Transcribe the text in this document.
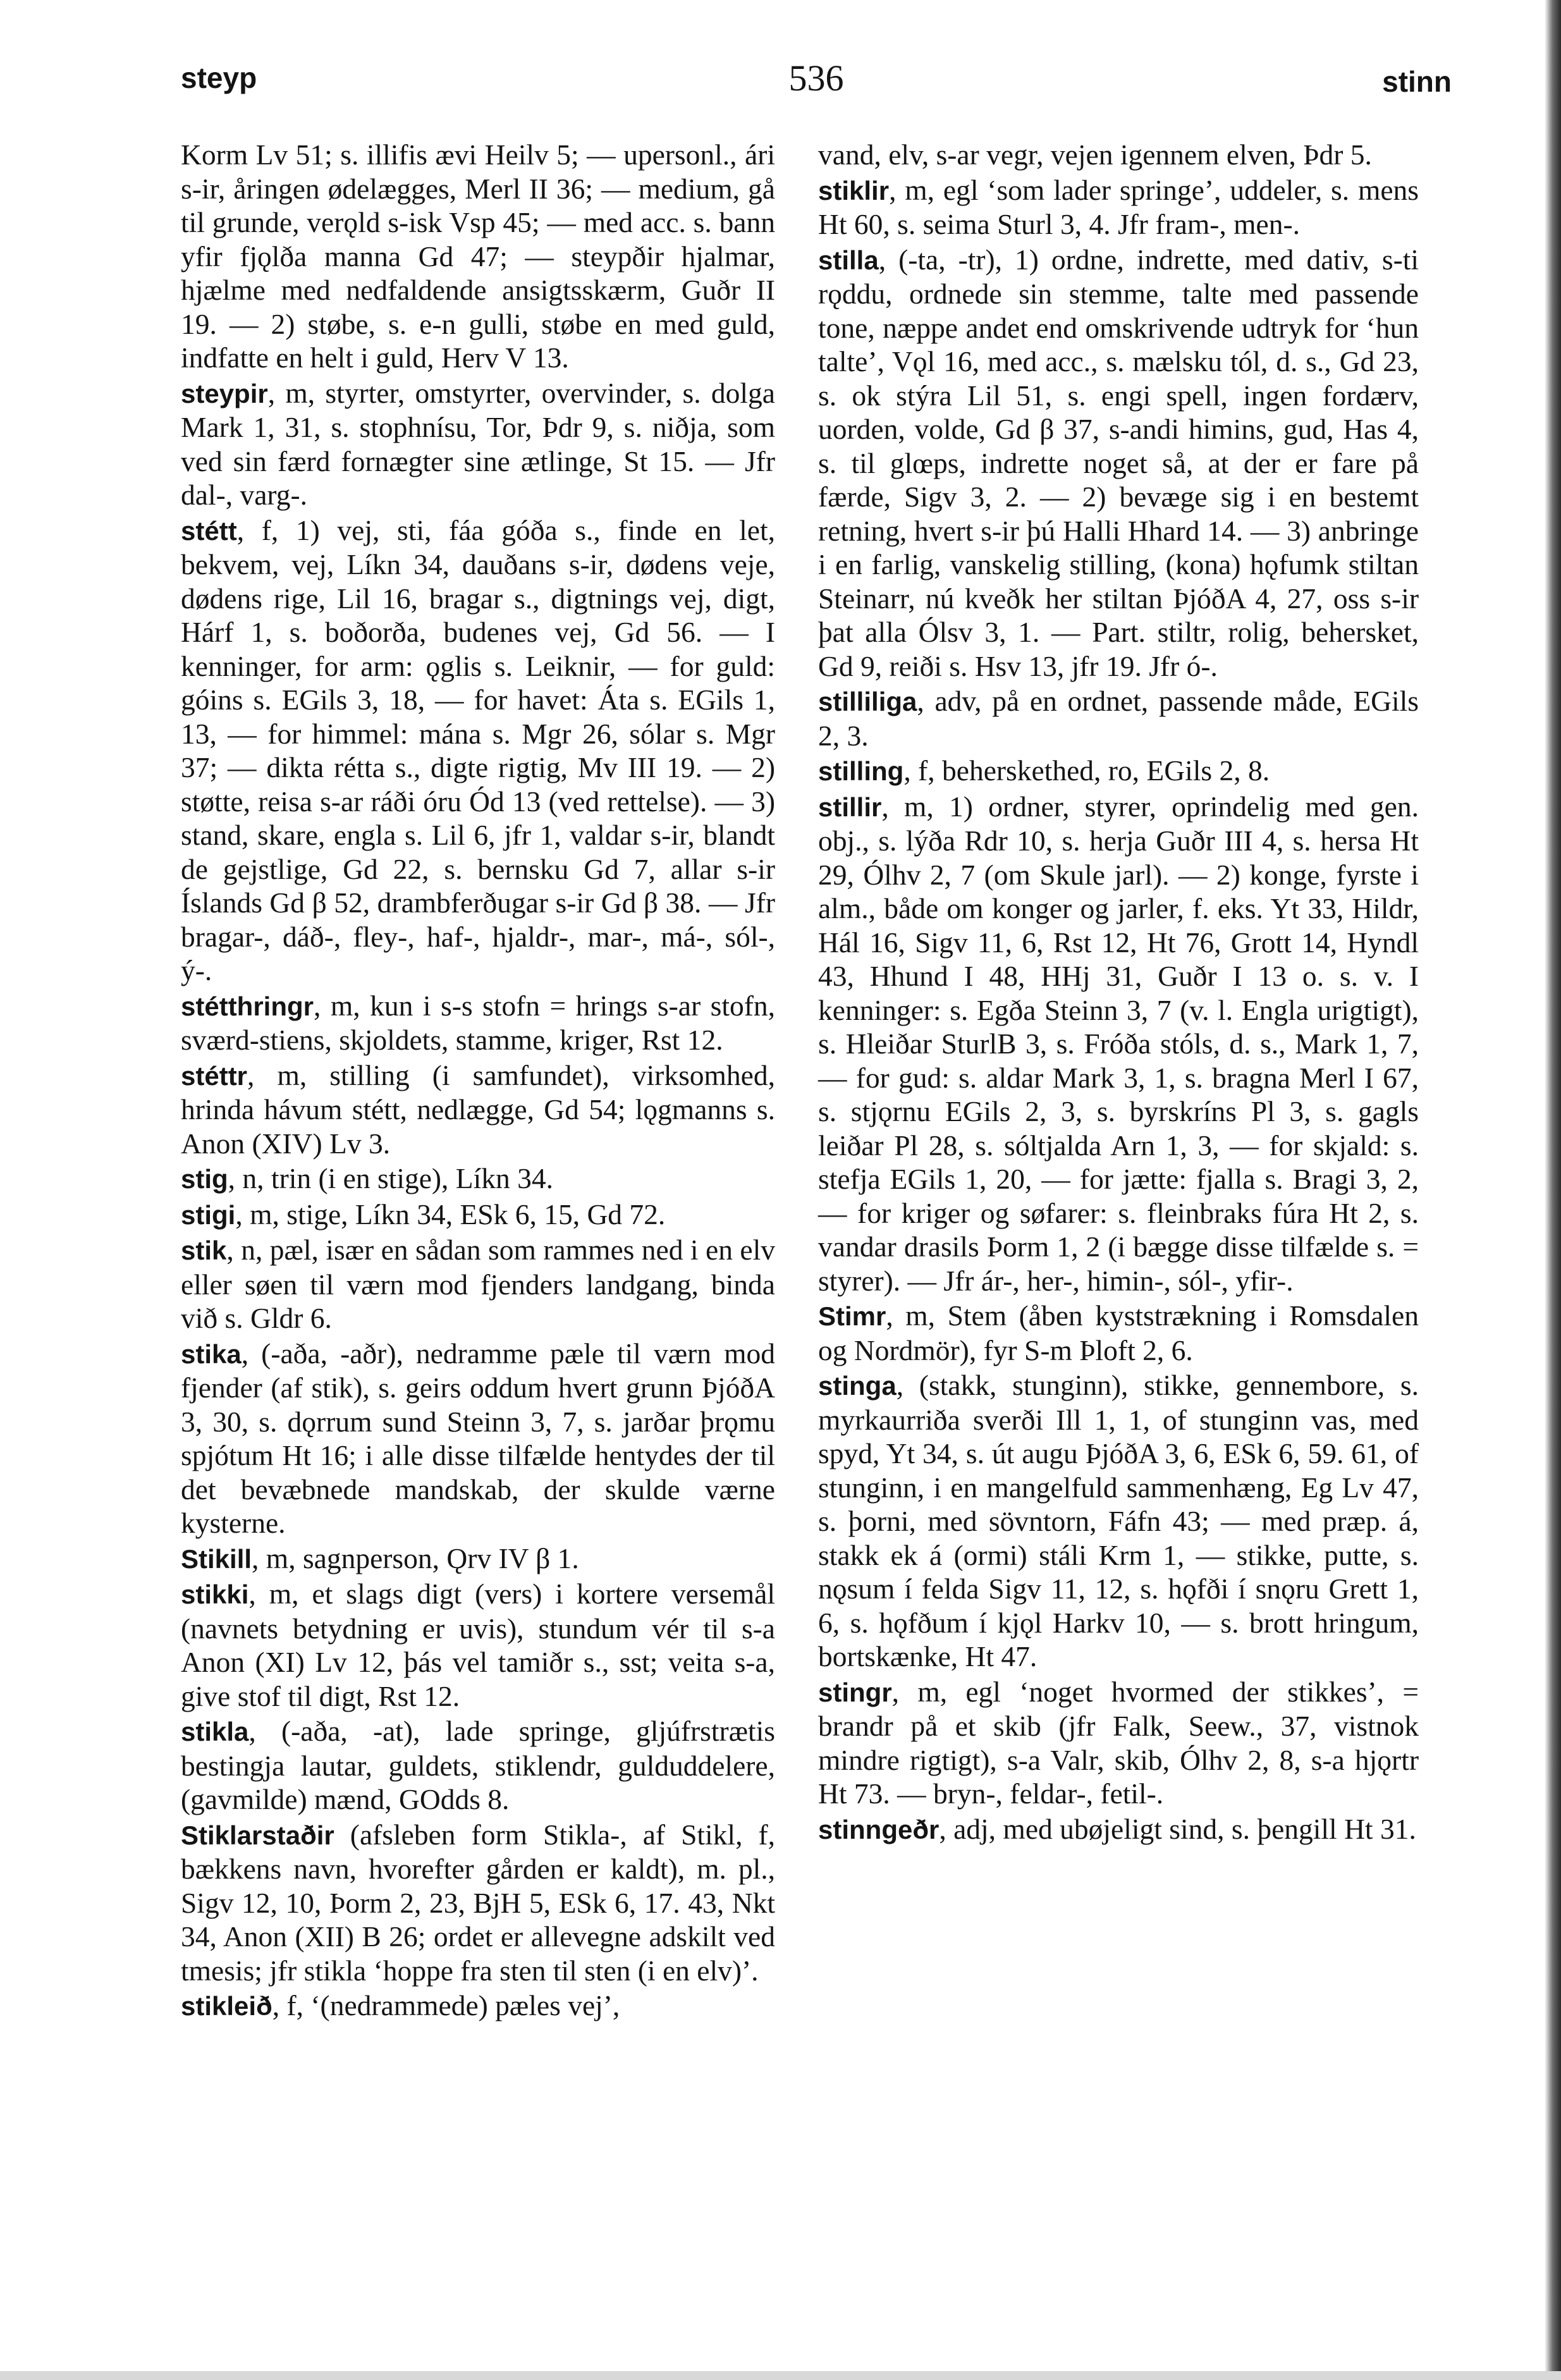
steyp	536	stinn

Korm Lv 51; s. illifis ævi Heilv 5; — upersonl., ári s-ir, åringen ødelægges, Merl II 36; — medium, gå til grunde, verǫld s-isk Vsp 45; — med acc. s. bann yfir fjǫlða manna Gd 47; — steypðir hjalmar, hjælme med nedfaldende ansigtsskærm, Guðr II 19. — 2) støbe, s. e-n gulli, støbe en med guld, indfatte en helt i guld, Herv V 13.

steypir, m, styrter, omstyrter, overvinder, s. dolga Mark 1, 31, s. stophnísu, Tor, Þdr 9, s. niðja, som ved sin færd fornægter sine ætlinge, St 15. — Jfr dal-, varg-.

stétt, f, 1) vej, sti, fáa góða s., finde en let, bekvem, vej, Líkn 34, dauðans s-ir, dødens veje, dødens rige, Lil 16, bragar s., digtnings vej, digt, Hárf 1, s. boðorða, budenes vej, Gd 56. — I kenninger, for arm: ǫglis s. Leiknir, — for guld: góins s. EGils 3, 18, — for havet: Áta s. EGils 1, 13, — for himmel: mána s. Mgr 26, sólar s. Mgr 37; — dikta rétta s., digte rigtig, Mv III 19. — 2) støtte, reisa s-ar ráði óru Ód 13 (ved rettelse). — 3) stand, skare, engla s. Lil 6, jfr 1, valdar s-ir, blandt de gejstlige, Gd 22, s. bernsku Gd 7, allar s-ir Íslands Gd β 52, drambferðugar s-ir Gd β 38. — Jfr bragar-, dáð-, fley-, haf-, hjaldr-, mar-, má-, sól-, ý-.

stétthringr, m, kun i s-s stofn = hrings s-ar stofn, sværd-stiens, skjoldets, stamme, kriger, Rst 12.

stéttr, m, stilling (i samfundet), virksomhed, hrinda hávum stétt, nedlægge, Gd 54; lǫgmanns s. Anon (XIV) Lv 3.

stig, n, trin (i en stige), Líkn 34.

stigi, m, stige, Líkn 34, ESk 6, 15, Gd 72.

stik, n, pæl, især en sådan som rammes ned i en elv eller søen til værn mod fjenders landgang, binda við s. Gldr 6.

stika, (-aða, -aðr), nedramme pæle til værn mod fjender (af stik), s. geirs oddum hvert grunn ÞjóðA 3, 30, s. dǫrrum sund Steinn 3, 7, s. jarðar þrǫmu spjótum Ht 16; i alle disse tilfælde hentydes der til det bevæbnede mandskab, der skulde værne kysterne.

Stikill, m, sagnperson, Ǫrv IV β 1.

stikki, m, et slags digt (vers) i kortere versemål (navnets betydning er uvis), stundum vér til s-a Anon (XI) Lv 12, þás vel tamiðr s., sst; veita s-a, give stof til digt, Rst 12.

stikla, (-aða, -at), lade springe, gljúfrstrætis bestingja lautar, guldets, stiklendr, gulduddelere, (gavmilde) mænd, GOdds 8.

Stiklarstaðir (afsleben form Stikla-, af Stikl, f, bækkens navn, hvorefter gården er kaldt), m. pl., Sigv 12, 10, Þorm 2, 23, BjH 5, ESk 6, 17. 43, Nkt 34, Anon (XII) B 26; ordet er allevegne adskilt ved tmesis; jfr stikla ‘hoppe fra sten til sten (i en elv)’.

stikleið, f, ‘(nedrammede) pæles vej’,

vand, elv, s-ar vegr, vejen igennem elven, Þdr 5.

stiklir, m, egl ‘som lader springe’, uddeler, s. mens Ht 60, s. seima Sturl 3, 4. Jfr fram-, men-.

stilla, (-ta, -tr), 1) ordne, indrette, med dativ, s-ti rǫddu, ordnede sin stemme, talte med passende tone, næppe andet end omskrivende udtryk for ‘hun talte’, Vǫl 16, med acc., s. mælsku tól, d. s., Gd 23, s. ok stýra Lil 51, s. engi spell, ingen fordærv, uorden, volde, Gd β 37, s-andi himins, gud, Has 4, s. til glœps, indrette noget så, at der er fare på færde, Sigv 3, 2. — 2) bevæge sig i en bestemt retning, hvert s-ir þú Halli Hhard 14. — 3) anbringe i en farlig, vanskelig stilling, (kona) hǫfumk stiltan Steinarr, nú kveðk her stiltan ÞjóðA 4, 27, oss s-ir þat alla Ólsv 3, 1. — Part. stiltr, rolig, behersket, Gd 9, reiði s. Hsv 13, jfr 19. Jfr ó-.

stilliliga, adv, på en ordnet, passende måde, EGils 2, 3.

stilling, f, beherskethed, ro, EGils 2, 8.

stillir, m, 1) ordner, styrer, oprindelig med gen. obj., s. lýða Rdr 10, s. herja Guðr III 4, s. hersa Ht 29, Ólhv 2, 7 (om Skule jarl). — 2) konge, fyrste i alm., både om konger og jarler, f. eks. Yt 33, Hildr, Hál 16, Sigv 11, 6, Rst 12, Ht 76, Grott 14, Hyndl 43, Hhund I 48, HHj 31, Guðr I 13 o. s. v. I kenninger: s. Egða Steinn 3, 7 (v. l. Engla urigtigt), s. Hleiðar SturlB 3, s. Fróða stóls, d. s., Mark 1, 7, — for gud: s. aldar Mark 3, 1, s. bragna Merl I 67, s. stjǫrnu EGils 2, 3, s. byrskríns Pl 3, s. gagls leiðar Pl 28, s. sóltjalda Arn 1, 3, — for skjald: s. stefja EGils 1, 20, — for jætte: fjalla s. Bragi 3, 2, — for kriger og søfarer: s. fleinbraks fúra Ht 2, s. vandar drasils Þorm 1, 2 (i bægge disse tilfælde s. = styrer). — Jfr ár-, her-, himin-, sól-, yfir-.

Stimr, m, Stem (åben kyststrækning i Romsdalen og Nordmör), fyr S-m Þloft 2, 6.

stinga, (stakk, stunginn), stikke, gennembore, s. myrkaurriða sverði Ill 1, 1, of stunginn vas, med spyd, Yt 34, s. út augu ÞjóðA 3, 6, ESk 6, 59. 61, of stunginn, i en mangelfuld sammenhæng, Eg Lv 47, s. þorni, med sövntorn, Fáfn 43; — med præp. á, stakk ek á (ormi) stáli Krm 1, — stikke, putte, s. nǫsum í felda Sigv 11, 12, s. hǫfði í snǫru Grett 1, 6, s. hǫfðum í kjǫl Harkv 10, — s. brott hringum, bortskænke, Ht 47.

stingr, m, egl ‘noget hvormed der stikkes’, = brandr på et skib (jfr Falk, Seew., 37, vistnok mindre rigtigt), s-a Valr, skib, Ólhv 2, 8, s-a hjǫrtr Ht 73. — bryn-, feldar-, fetil-.

stinngeðr, adj, med ubøjeligt sind, s. þengill Ht 31.
